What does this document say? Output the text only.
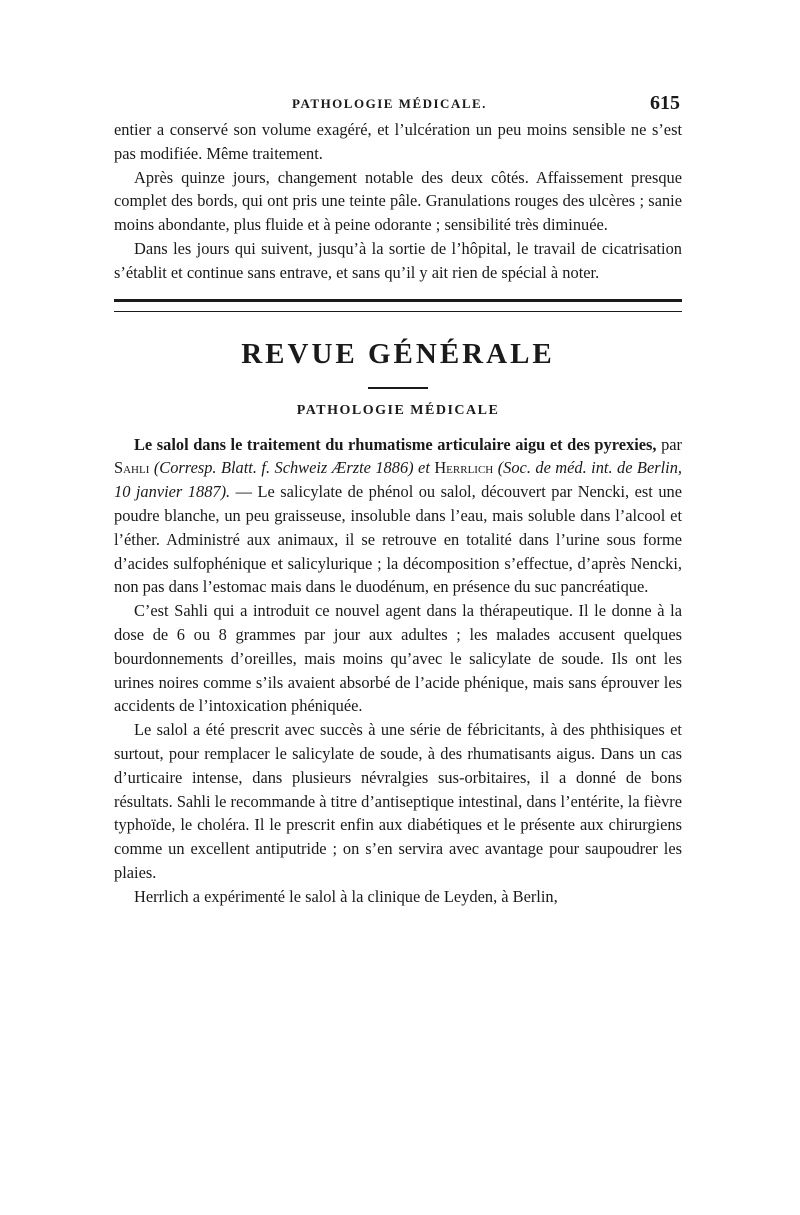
PATHOLOGIE MÉDICALE.	615

entier a conservé son volume exagéré, et l’ulcération un peu moins sensible ne s’est pas modifiée. Même traitement.

Après quinze jours, changement notable des deux côtés. Affaissement presque complet des bords, qui ont pris une teinte pâle. Granulations rouges des ulcères ; sanie moins abondante, plus fluide et à peine odorante ; sensibilité très diminuée.

Dans les jours qui suivent, jusqu’à la sortie de l’hôpital, le travail de cicatrisation s’établit et continue sans entrave, et sans qu’il y ait rien de spécial à noter.

REVUE GÉNÉRALE
PATHOLOGIE MÉDICALE

Le salol dans le traitement du rhumatisme articulaire aigu et des pyrexies, par Sahli (Corresp. Blatt. f. Schweiz Ærzte 1886) et Herrlich (Soc. de méd. int. de Berlin, 10 janvier 1887). — Le salicylate de phénol ou salol, découvert par Nencki, est une poudre blanche, un peu graisseuse, insoluble dans l’eau, mais soluble dans l’alcool et l’éther. Administré aux animaux, il se retrouve en totalité dans l’urine sous forme d’acides sulfophénique et salicylurique ; la décomposition s’effectue, d’après Nencki, non pas dans l’estomac mais dans le duodénum, en présence du suc pancréatique.

C’est Sahli qui a introduit ce nouvel agent dans la thérapeutique. Il le donne à la dose de 6 ou 8 grammes par jour aux adultes ; les malades accusent quelques bourdonnements d’oreilles, mais moins qu’avec le salicylate de soude. Ils ont les urines noires comme s’ils avaient absorbé de l’acide phénique, mais sans éprouver les accidents de l’intoxication phéniquée.

Le salol a été prescrit avec succès à une série de fébricitants, à des phthisiques et surtout, pour remplacer le salicylate de soude, à des rhumatisants aigus. Dans un cas d’urticaire intense, dans plusieurs névralgies sus-orbitaires, il a donné de bons résultats. Sahli le recommande à titre d’antiseptique intestinal, dans l’entérite, la fièvre typhoïde, le choléra. Il le prescrit enfin aux diabétiques et le présente aux chirurgiens comme un excellent antiputride ; on s’en servira avec avantage pour saupoudrer les plaies.

Herrlich a expérimenté le salol à la clinique de Leyden, à Berlin,
